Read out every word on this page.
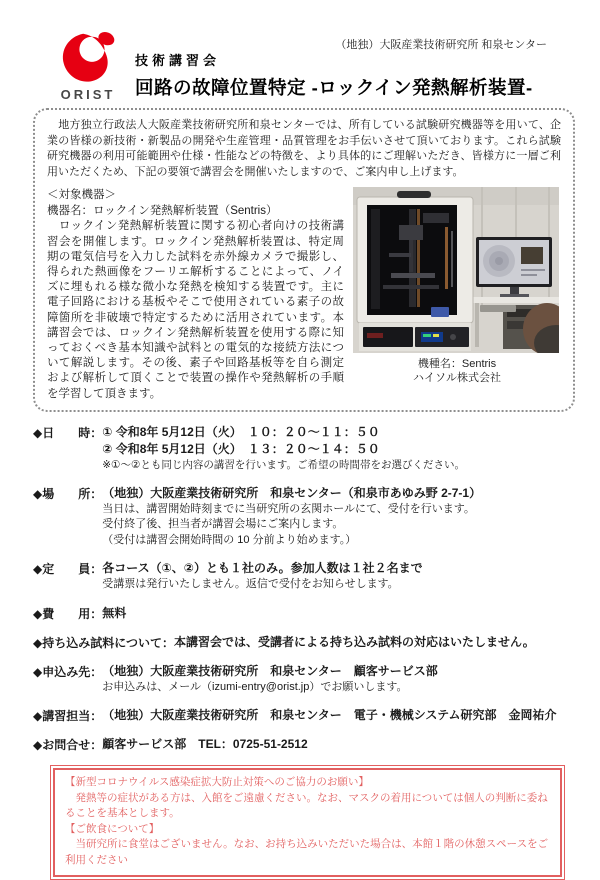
ORIST
（地独）大阪産業技術研究所 和泉センター
技術講習会
回路の故障位置特定 -ロックイン発熱解析装置-

　地方独立行政法人大阪産業技術研究所和泉センターでは、所有している試験研究機器等を用いて、企業の皆様の新技術・新製品の開発や生産管理・品質管理をお手伝いさせて頂いております。これら試験研究機器の利用可能範囲や仕様・性能などの特徴を、より具体的にご理解いただき、皆様方に一層ご利用いただくため、下記の要領で講習会を開催いたしますので、ご案内申し上げます。

機種名：Sentris
ハイソル株式会社
＜対象機器＞
機器名：ロックイン発熱解析装置（Sentris）

　ロックイン発熱解析装置に関する初心者向けの技術講習会を開催します。ロックイン発熱解析装置は、特定周期の電気信号を入力した試料を赤外線カメラで撮影し、得られた熱画像をフーリエ解析することによって、ノイズに埋もれる様な微小な発熱を検知する装置です。主に電子回路における基板やそこで使用されている素子の故障箇所を非破壊で特定するために活用されています。本講習会では、ロックイン発熱解析装置を使用する際に知っておくべき基本知識や試料との電気的な接続方法について解説します。その後、素子や回路基板等を自ら測定および解析して頂くことで装置の操作や発熱解析の手順を学習して頂きます。

◆日　　時： ① 令和8年 5月12日（火）　１０：２０～１１：５０
② 令和8年 5月12日（火）　１３：２０～１４：５０
※①～②とも同じ内容の講習を行います。ご希望の時間帯をお選びください。
◆場　　所： （地独）大阪産業技術研究所　和泉センター（和泉市あゆみ野 2-7-1）
当日は、講習開始時刻までに当研究所の玄関ホールにて、受付を行います。
受付終了後、担当者が講習会場にご案内します。
（受付は講習会開始時間の 10 分前より始めます。）
◆定　　員： 各コース（①、②）とも１社のみ。参加人数は１社２名まで
受講票は発行いたしません。返信で受付をお知らせします。
◆費　　用： 無料
◆持ち込み試料について： 本講習会では、受講者による持ち込み試料の対応はいたしません。
◆申込み先： （地独）大阪産業技術研究所　和泉センター　顧客サービス部
お申込みは、メール（izumi-entry@orist.jp）でお願いします。
◆講習担当： （地独）大阪産業技術研究所　和泉センター　電子・機械システム研究部　金岡祐介
◆お問合せ： 顧客サービス部　TEL：0725-51-2512
【新型コロナウイルス感染症拡大防止対策へのご協力のお願い】
　発熱等の症状がある方は、入館をご遠慮ください。なお、マスクの着用については個人の判断に委ねることを基本とします。
【ご飲食について】
　当研究所に食堂はございません。なお、お持ち込みいただいた場合は、本館１階の休憩スペースをご利用ください
